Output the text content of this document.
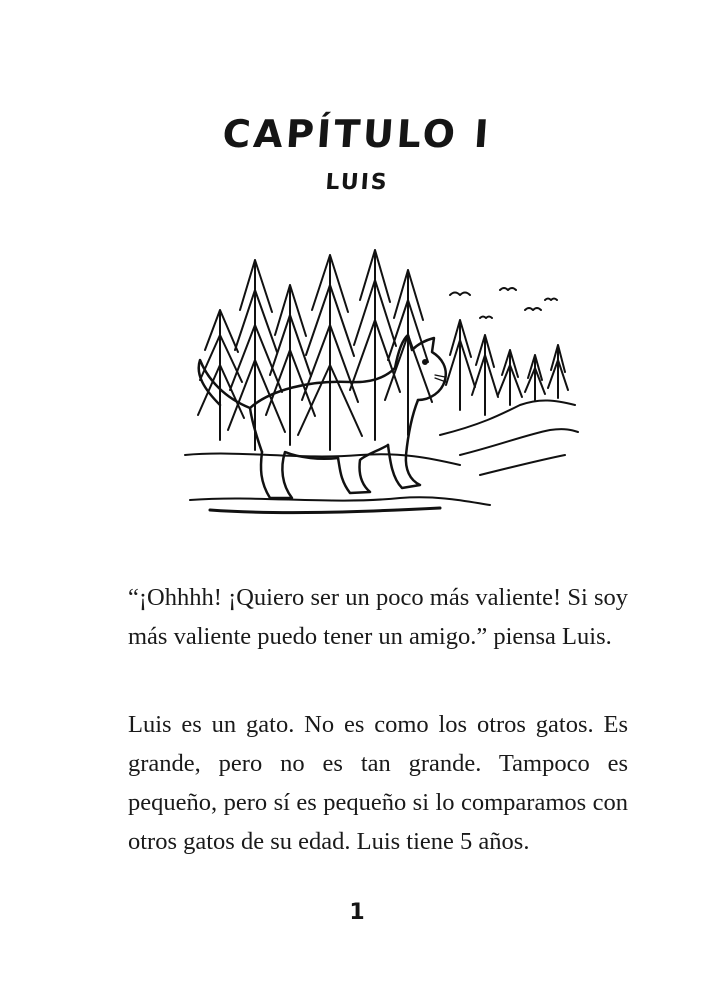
CAPÍTULO I
LUIS

“¡Ohhhh! ¡Quiero ser un poco más valiente! Si soy más valiente puedo tener un amigo.” piensa Luis.

Luis es un gato. No es como los otros gatos. Es grande, pero no es tan grande. Tampoco es pequeño, pero sí es pequeño si lo comparamos con otros gatos de su edad. Luis tiene 5 años.

1
